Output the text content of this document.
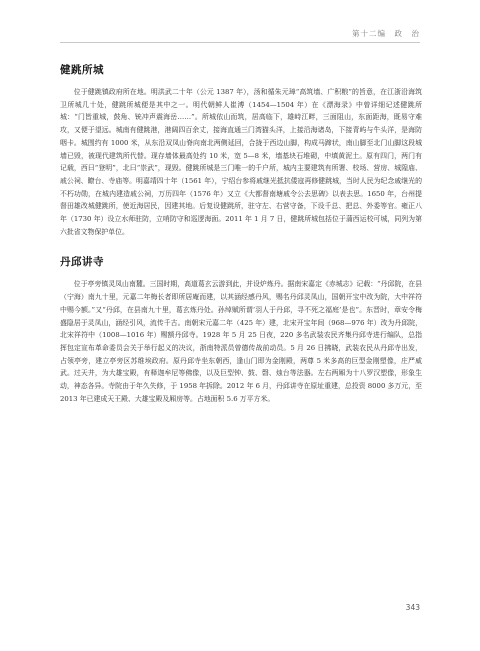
第十二编　政　治
健跳所城

位于健跳镇政府所在地。明洪武二十年（公元 1387 年），汤和循朱元璋“高筑墙、广积粮”的旨意，在江浙沿海筑卫所城几十处，健跳所城便是其中之一。明代朝鲜人崔溥（1454—1504 年）在《漂海录》中曾详细记述健跳所城：“门皆重城，鼓角、铳冲声震海岳……”。所城依山而筑，居高临下，雄峙江畔，三面阻山，东面距海，既易守难攻，又便于望远。城南有健跳港，港阔四百余丈，接海直通三门湾猫头洋，上接沿海诸岛，下接青屿与牛头洋，是海防咽卡。城围约有 1000 米，从东沿双凤山脊向南北两侧延回，合拢于西边山脚，构成马蹄状，南山脚至北门山脚这段城墙已毁，被现代建筑所代替。现存墙体最高处约 10 米，宽 5—8 米，墙基块石堆砌，中填黄泥土。原有四门，两门有记载，西曰“登明”，北曰“崇武”，现毁。健跳所城是三门唯一的千户所，城内主要建筑有所署、校场、营房、城隍庙、戚公祠、瞭台、寺庙等。明嘉靖四十年（1561 年），宁绍台参将戚继光抵抗倭寇再修健跳城，当时人民为纪念戚继光的不朽功勋，在城内建造戚公祠，万历四年（1576 年）又立《大都督南塘戚令公去思碑》以表去思。1650 年，台州提督田雄改城健跳所，使近海居民，因建其地。后复设健跳所，驻守左、右营守备，下设千总、把总、外委等官。雍正八年（1730 年）设立水师驻防，立哨防守和巡逻海面。2011 年 1 月 7 日，健跳所城包括位于蒲西运校可城，同列为第六批省文物保护单位。

丹邱讲寺

位于亭旁镇灵凤山南麓。三国时期，高道葛玄云游到此，并设炉炼丹。据南宋嘉定《赤城志》记载：“丹邱院，在县（宁海）南九十里，元嘉二年梅长者即所居庵而建，以其涵经感丹风，赐名丹邱灵凤山，国朝开宝中改为院，大中祥符中赐今额。”又“丹邱，在县南九十里，葛玄炼丹处。孙绰赋所谓‘羽人于丹邱，寻不死之福庭’是也”。东晋时，章安令梅盛隐居于灵凤山，涵经引风，流传千古。南朝宋元嘉二年（425 年）建，北宋开宝年间（968—976 年）改为丹邱院，北宋祥符中（1008—1016 年）赐额丹邱寺。1928 年 5 月 25 日夜，220 多名武装农民齐集丹邱寺进行编队，总指挥包定宣布革命委员会关于举行起义的决议，浙南特派员曾德传战前动员。5 月 26 日拂晓，武装农民从丹邱寺出发，占领亭旁，建立亭旁区苏维埃政府。原丹邱寺坐东朝西，逢山门即为金刚殿，两尊 5 米多高的巨型金刚塑像，庄严威武。过天井，为大雄宝殿，有释迦牟尼等佛像，以及巨型钟、鼓、磬、烛台等法器。左右两厢为十八罗汉塑像，形象生动，神态各异。寺院由于年久失修，于 1958 年拆除。2012 年 6 月，丹邱讲寺在原址重建，总投资 8000 多万元，至 2013 年已建成天王殿、大雄宝殿及厢房等。占地面积 5.6 万平方米。

343
